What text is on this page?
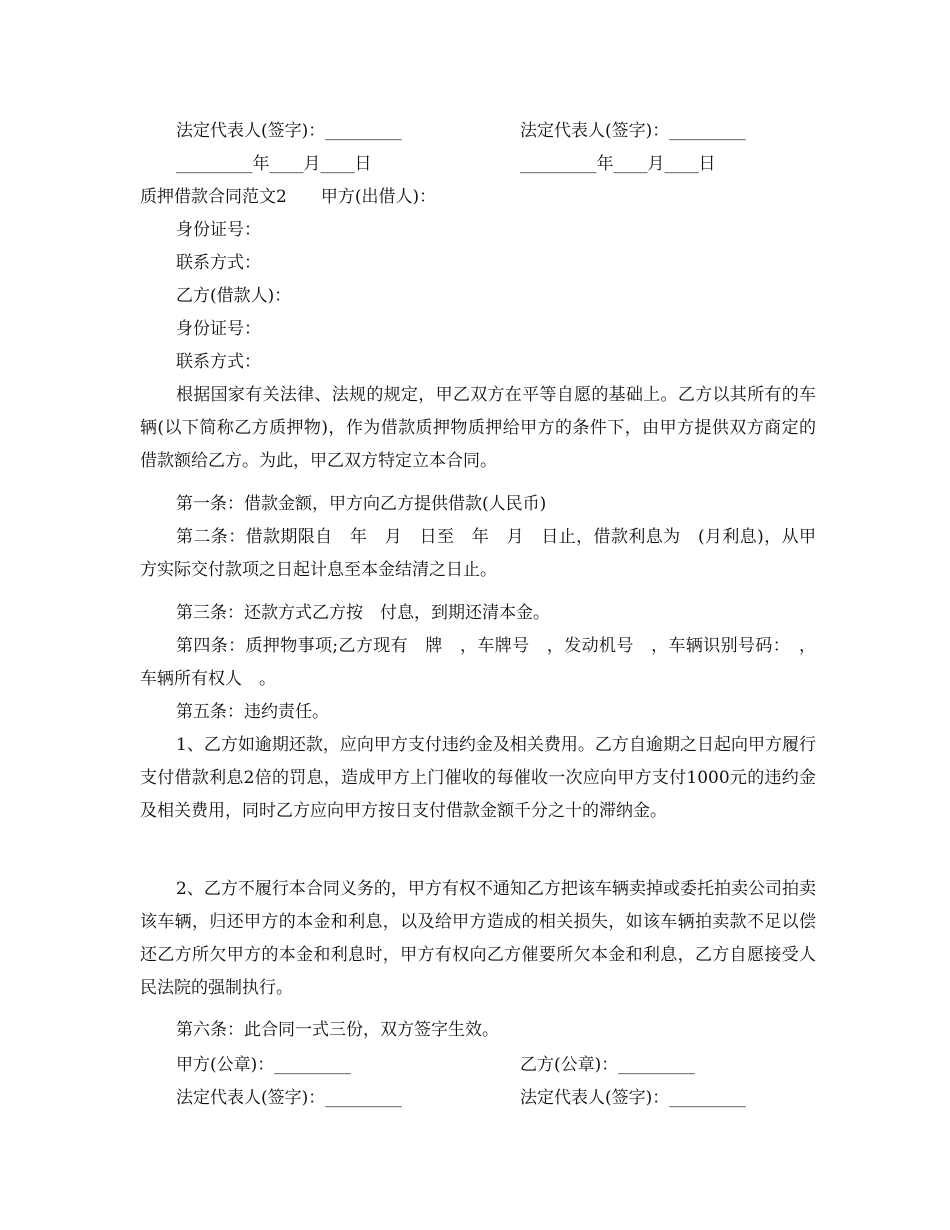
法定代表人(签字)：_________	法定代表人(签字)：_________
_________年____月____日	_________年____月____日
质押借款合同范文2　　甲方(出借人)：
身份证号：
联系方式：
乙方(借款人)：
身份证号：
联系方式：
根据国家有关法律、法规的规定，甲乙双方在平等自愿的基础上。乙方以其所有的车辆(以下简称乙方质押物)，作为借款质押物质押给甲方的条件下，由甲方提供双方商定的借款额给乙方。为此，甲乙双方特定立本合同。
第一条：借款金额，甲方向乙方提供借款(人民币)
第二条：借款期限自　年　月　日至　年　月　日止，借款利息为　(月利息)，从甲方实际交付款项之日起计息至本金结清之日止。
第三条：还款方式乙方按　付息，到期还清本金。
第四条：质押物事项;乙方现有　牌　，车牌号　，发动机号　，车辆识别号码：　，车辆所有权人　。
第五条：违约责任。
1、乙方如逾期还款，应向甲方支付违约金及相关费用。乙方自逾期之日起向甲方履行支付借款利息2倍的罚息，造成甲方上门催收的每催收一次应向甲方支付1000元的违约金及相关费用，同时乙方应向甲方按日支付借款金额千分之十的滞纳金。
2、乙方不履行本合同义务的，甲方有权不通知乙方把该车辆卖掉或委托拍卖公司拍卖该车辆，归还甲方的本金和利息，以及给甲方造成的相关损失，如该车辆拍卖款不足以偿还乙方所欠甲方的本金和利息时，甲方有权向乙方催要所欠本金和利息，乙方自愿接受人民法院的强制执行。
第六条：此合同一式三份，双方签字生效。
甲方(公章)：_________	乙方(公章)：_________
法定代表人(签字)：_________	法定代表人(签字)：_________
